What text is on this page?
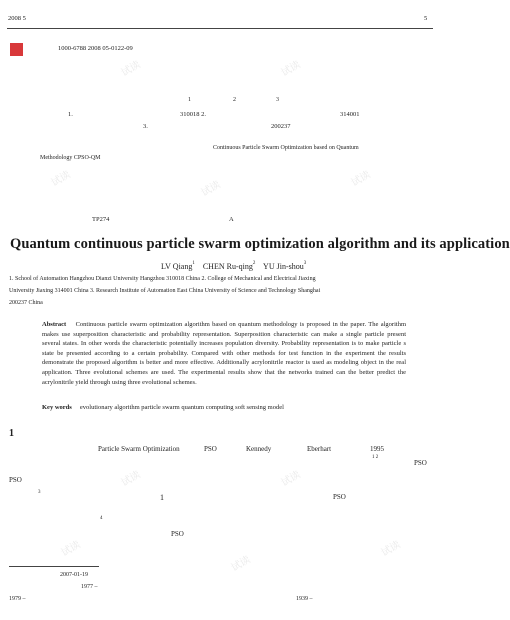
2008 5	5
1000-6788 2008 05-0122-09
1	2	3
1.	310018 2.	314001
3.	200237
Continuous Particle Swarm Optimization based on Quantum
Methodology CPSO-QM
TP274	A
Quantum continuous particle swarm optimization algorithm and its application
LV Qiang$^1$ CHEN Ru-qing$^2$ YU Jin-shou$^3$
1. School of Automation Hangzhou Dianzi University Hangzhou 310018 China 2. College of Mechanical and Electrical Jiaxing
University Jiaxing 314001 China 3. Research Institute of Automation East China University of Science and Technology Shanghai
200237 China
Abstract Continuous particle swarm optimization algorithm based on quantum methodology is proposed in the paper. The algorithm makes use superposition characteristic and probability representation. Superposition characteristic can make a single particle present several states. In other words the characteristic potentially increases population diversity. Probability representation is to make particle s state be presented according to a certain probability. Compared with other methods for test function in the experiment the results demonstrate the proposed algorithm is better and more effective. Additionally acrylonitrile reactor is used as modeling object in the real application. Three evolutional schemes are used. The experimental results show that the networks trained can the better predict the acrylonitrile yield through using three evolutional schemes.
Key words evolutionary algorithm particle swarm quantum computing soft sensing model
1
Particle Swarm Optimization	PSO	Kennedy	Eberhart	1995
1 2
PSO
PSO
3
1	PSO
4
PSO
2007-01-19
1977 –
1979 –	1939 –
试读	试读
试读
试读
试读
试读	试读
试读
试读
试读
